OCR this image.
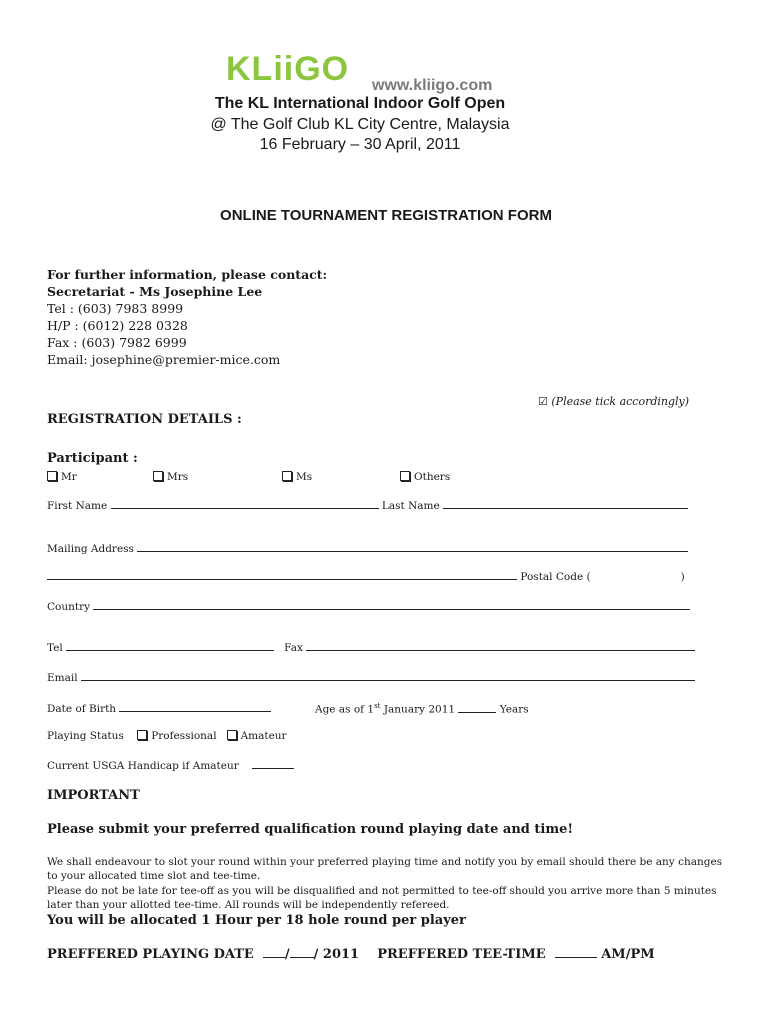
KLiiGO www.kliigo.com
The KL International Indoor Golf Open
@ The Golf Club KL City Centre, Malaysia
16 February – 30 April, 2011
ONLINE TOURNAMENT REGISTRATION FORM
For further information, please contact:
Secretariat - Ms Josephine Lee
Tel : (603) 7983 8999
H/P : (6012) 228 0328
Fax : (603) 7982 6999
Email: josephine@premier-mice.com
☑ (Please tick accordingly)
REGISTRATION DETAILS :
Participant :
Mr	Mrs	Ms	Others
First Name	Last Name
Mailing Address
Postal Code (	)
Country
Tel	Fax
Email
Date of Birth	Age as of 1st January 2011	Years
Playing Status	Professional Amateur
Current USGA Handicap if Amateur
IMPORTANT
Please submit your preferred qualification round playing date and time!
We shall endeavour to slot your round within your preferred playing time and notify you by email should there be any changes to your allocated time slot and tee-time.
Please do not be late for tee-off as you will be disqualified and not permitted to tee-off should you arrive more than 5 minutes later than your allotted tee-time. All rounds will be independently refereed.
You will be allocated 1 Hour per 18 hole round per player
PREFFERED PLAYING DATE / / 2011 PREFFERED TEE-TIME	AM/PM
